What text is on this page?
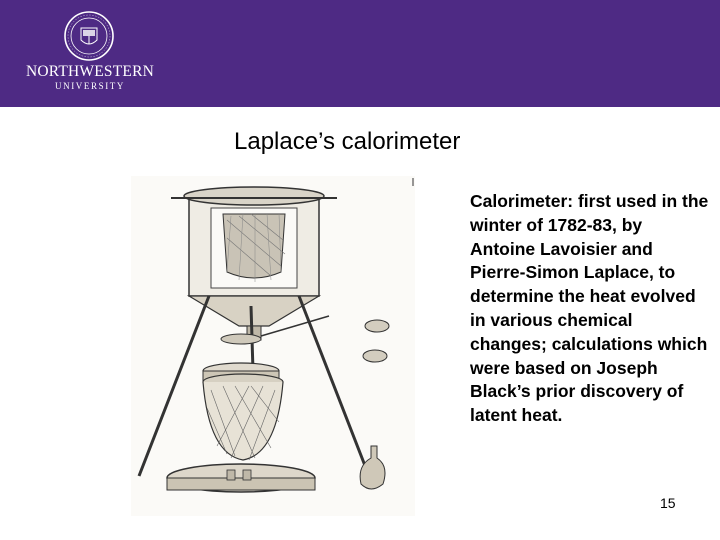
NORTHWESTERN
UNIVERSITY
Laplace’s calorimeter
Calorimeter: first used in the winter of 1782-83, by Antoine Lavoisier and Pierre-Simon Laplace, to determine the heat evolved in various chemical changes; calculations which were based on Joseph Black’s prior discovery of latent heat.
15
